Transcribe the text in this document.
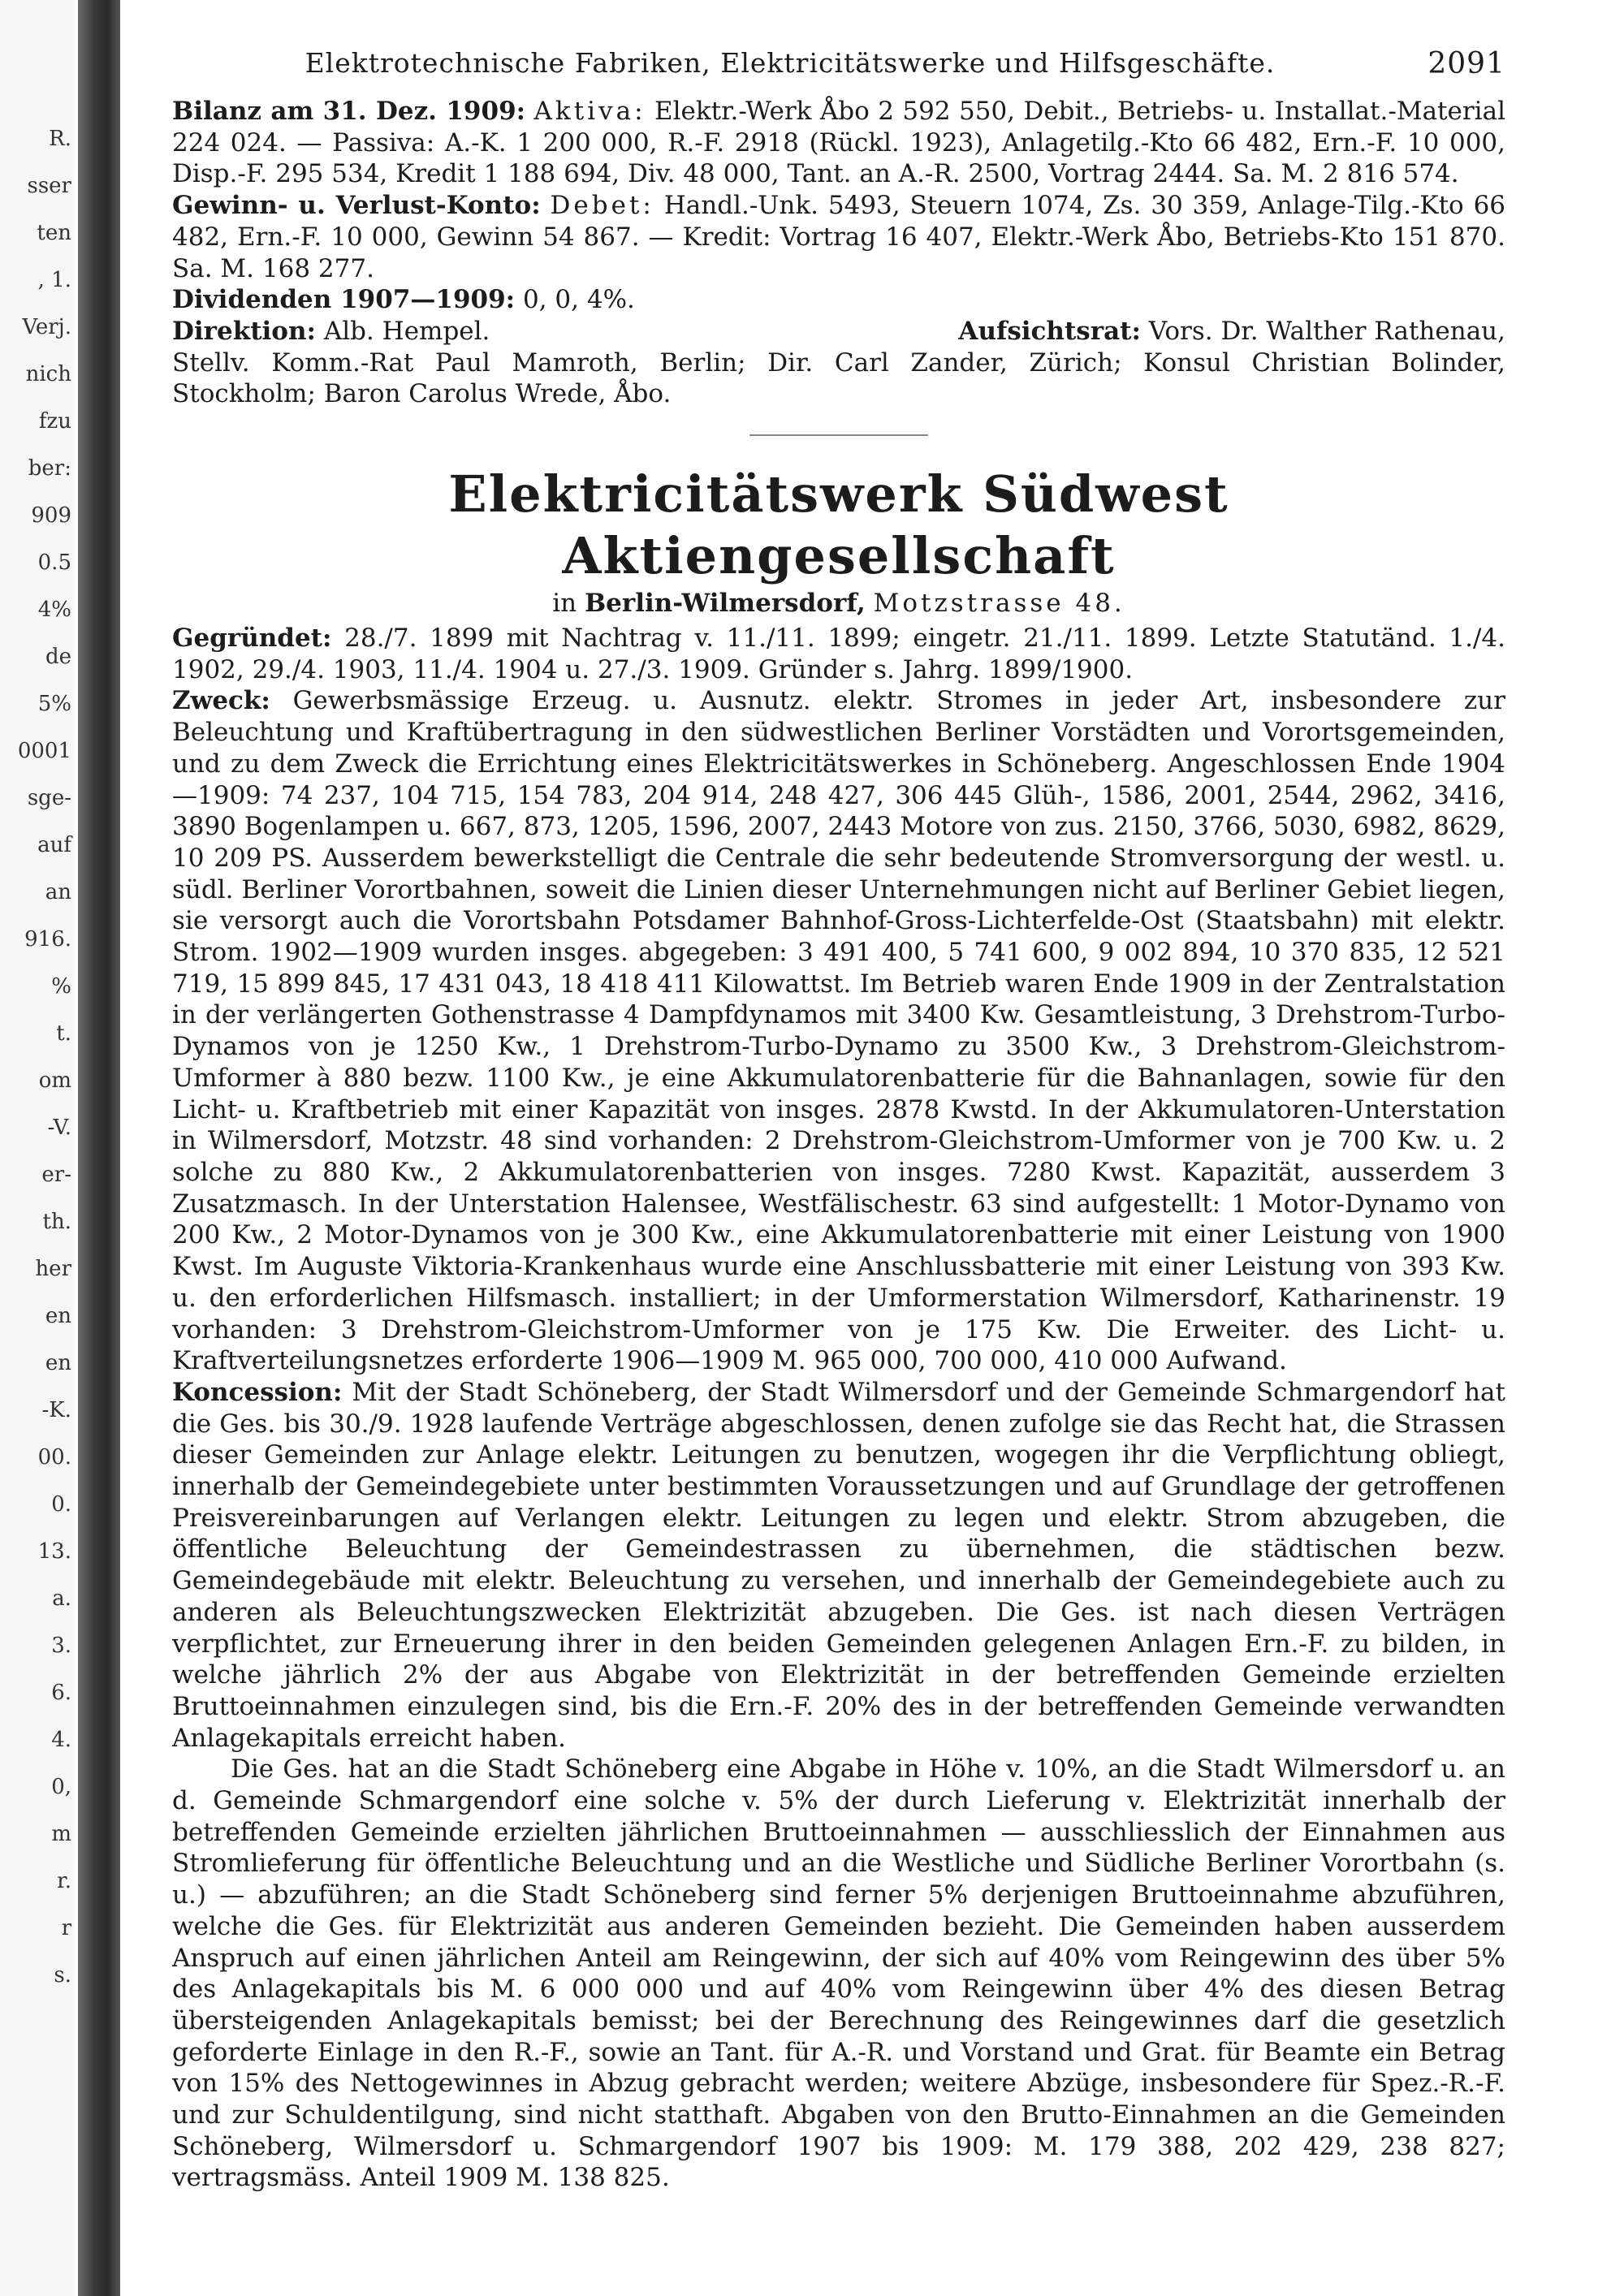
R.
sser
ten
, 1.
Verj.
nich
fzu
ber:
909
0.5
4%
de
5%
0001
sge-
auf
an
916.
%
t.
om
-V.
er-
th.
her
en
en
-K.
00.
0.
13.
a.
3.
6.
4.
0,
m
r.
r
s.
Elektrotechnische Fabriken, Elektricitätswerke und Hilfsgeschäfte.	2091

Bilanz am 31. Dez. 1909: Aktiva: Elektr.-Werk Åbo 2 592 550, Debit., Betriebs- u. Installat.-Material 224 024. — Passiva: A.-K. 1 200 000, R.-F. 2918 (Rückl. 1923), Anlagetilg.-Kto 66 482, Ern.-F. 10 000, Disp.-F. 295 534, Kredit 1 188 694, Div. 48 000, Tant. an A.-R. 2500, Vortrag 2444. Sa. M. 2 816 574.

Gewinn- u. Verlust-Konto: Debet: Handl.-Unk. 5493, Steuern 1074, Zs. 30 359, Anlage-Tilg.-Kto 66 482, Ern.-F. 10 000, Gewinn 54 867. — Kredit: Vortrag 16 407, Elektr.-Werk Åbo, Betriebs-Kto 151 870. Sa. M. 168 277.

Dividenden 1907—1909: 0, 0, 4%.

Direktion: Alb. Hempel.	Aufsichtsrat: Vors. Dr. Walther Rathenau,

Stellv. Komm.-Rat Paul Mamroth, Berlin; Dir. Carl Zander, Zürich; Konsul Christian Bolinder, Stockholm; Baron Carolus Wrede, Åbo.

Elektricitätswerk Südwest Aktiengesellschaft
in Berlin-Wilmersdorf, Motzstrasse 48.

Gegründet: 28./7. 1899 mit Nachtrag v. 11./11. 1899; eingetr. 21./11. 1899. Letzte Statutänd. 1./4. 1902, 29./4. 1903, 11./4. 1904 u. 27./3. 1909. Gründer s. Jahrg. 1899/1900.

Zweck: Gewerbsmässige Erzeug. u. Ausnutz. elektr. Stromes in jeder Art, insbesondere zur Beleuchtung und Kraftübertragung in den südwestlichen Berliner Vorstädten und Vorortsgemeinden, und zu dem Zweck die Errichtung eines Elektricitätswerkes in Schöneberg. Angeschlossen Ende 1904—1909: 74 237, 104 715, 154 783, 204 914, 248 427, 306 445 Glüh-, 1586, 2001, 2544, 2962, 3416, 3890 Bogenlampen u. 667, 873, 1205, 1596, 2007, 2443 Motore von zus. 2150, 3766, 5030, 6982, 8629, 10 209 PS. Ausserdem bewerkstelligt die Centrale die sehr bedeutende Stromversorgung der westl. u. südl. Berliner Vorortbahnen, soweit die Linien dieser Unternehmungen nicht auf Berliner Gebiet liegen, sie versorgt auch die Vorortsbahn Potsdamer Bahnhof-Gross-Lichterfelde-Ost (Staatsbahn) mit elektr. Strom. 1902—1909 wurden insges. abgegeben: 3 491 400, 5 741 600, 9 002 894, 10 370 835, 12 521 719, 15 899 845, 17 431 043, 18 418 411 Kilowattst. Im Betrieb waren Ende 1909 in der Zentralstation in der verlängerten Gothenstrasse 4 Dampfdynamos mit 3400 Kw. Gesamtleistung, 3 Drehstrom-Turbo-Dynamos von je 1250 Kw., 1 Drehstrom-Turbo-Dynamo zu 3500 Kw., 3 Drehstrom-Gleichstrom-Umformer à 880 bezw. 1100 Kw., je eine Akkumulatorenbatterie für die Bahnanlagen, sowie für den Licht- u. Kraftbetrieb mit einer Kapazität von insges. 2878 Kwstd. In der Akkumulatoren-Unterstation in Wilmersdorf, Motzstr. 48 sind vorhanden: 2 Drehstrom-Gleichstrom-Umformer von je 700 Kw. u. 2 solche zu 880 Kw., 2 Akkumulatorenbatterien von insges. 7280 Kwst. Kapazität, ausserdem 3 Zusatzmasch. In der Unterstation Halensee, Westfälischestr. 63 sind aufgestellt: 1 Motor-Dynamo von 200 Kw., 2 Motor-Dynamos von je 300 Kw., eine Akkumulatorenbatterie mit einer Leistung von 1900 Kwst. Im Auguste Viktoria-Krankenhaus wurde eine Anschlussbatterie mit einer Leistung von 393 Kw. u. den erforderlichen Hilfsmasch. installiert; in der Umformerstation Wilmersdorf, Katharinenstr. 19 vorhanden: 3 Drehstrom-Gleichstrom-Umformer von je 175 Kw. Die Erweiter. des Licht- u. Kraftverteilungsnetzes erforderte 1906—1909 M. 965 000, 700 000, 410 000 Aufwand.

Koncession: Mit der Stadt Schöneberg, der Stadt Wilmersdorf und der Gemeinde Schmargendorf hat die Ges. bis 30./9. 1928 laufende Verträge abgeschlossen, denen zufolge sie das Recht hat, die Strassen dieser Gemeinden zur Anlage elektr. Leitungen zu benutzen, wogegen ihr die Verpflichtung obliegt, innerhalb der Gemeindegebiete unter bestimmten Voraussetzungen und auf Grundlage der getroffenen Preisvereinbarungen auf Verlangen elektr. Leitungen zu legen und elektr. Strom abzugeben, die öffentliche Beleuchtung der Gemeindestrassen zu übernehmen, die städtischen bezw. Gemeindegebäude mit elektr. Beleuchtung zu versehen, und innerhalb der Gemeindegebiete auch zu anderen als Beleuchtungszwecken Elektrizität abzugeben. Die Ges. ist nach diesen Verträgen verpflichtet, zur Erneuerung ihrer in den beiden Gemeinden gelegenen Anlagen Ern.-F. zu bilden, in welche jährlich 2% der aus Abgabe von Elektrizität in der betreffenden Gemeinde erzielten Bruttoeinnahmen einzulegen sind, bis die Ern.-F. 20% des in der betreffenden Gemeinde verwandten Anlagekapitals erreicht haben.

Die Ges. hat an die Stadt Schöneberg eine Abgabe in Höhe v. 10%, an die Stadt Wilmersdorf u. an d. Gemeinde Schmargendorf eine solche v. 5% der durch Lieferung v. Elektrizität innerhalb der betreffenden Gemeinde erzielten jährlichen Bruttoeinnahmen — ausschliesslich der Einnahmen aus Stromlieferung für öffentliche Beleuchtung und an die Westliche und Südliche Berliner Vorortbahn (s. u.) — abzuführen; an die Stadt Schöneberg sind ferner 5% derjenigen Bruttoeinnahme abzuführen, welche die Ges. für Elektrizität aus anderen Gemeinden bezieht. Die Gemeinden haben ausserdem Anspruch auf einen jährlichen Anteil am Reingewinn, der sich auf 40% vom Reingewinn des über 5% des Anlagekapitals bis M. 6 000 000 und auf 40% vom Reingewinn über 4% des diesen Betrag übersteigenden Anlagekapitals bemisst; bei der Berechnung des Reingewinnes darf die gesetzlich geforderte Einlage in den R.-F., sowie an Tant. für A.-R. und Vorstand und Grat. für Beamte ein Betrag von 15% des Nettogewinnes in Abzug gebracht werden; weitere Abzüge, insbesondere für Spez.-R.-F. und zur Schuldentilgung, sind nicht statthaft. Abgaben von den Brutto-Einnahmen an die Gemeinden Schöneberg, Wilmersdorf u. Schmargendorf 1907 bis 1909: M. 179 388, 202 429, 238 827; vertragsmäss. Anteil 1909 M. 138 825.
